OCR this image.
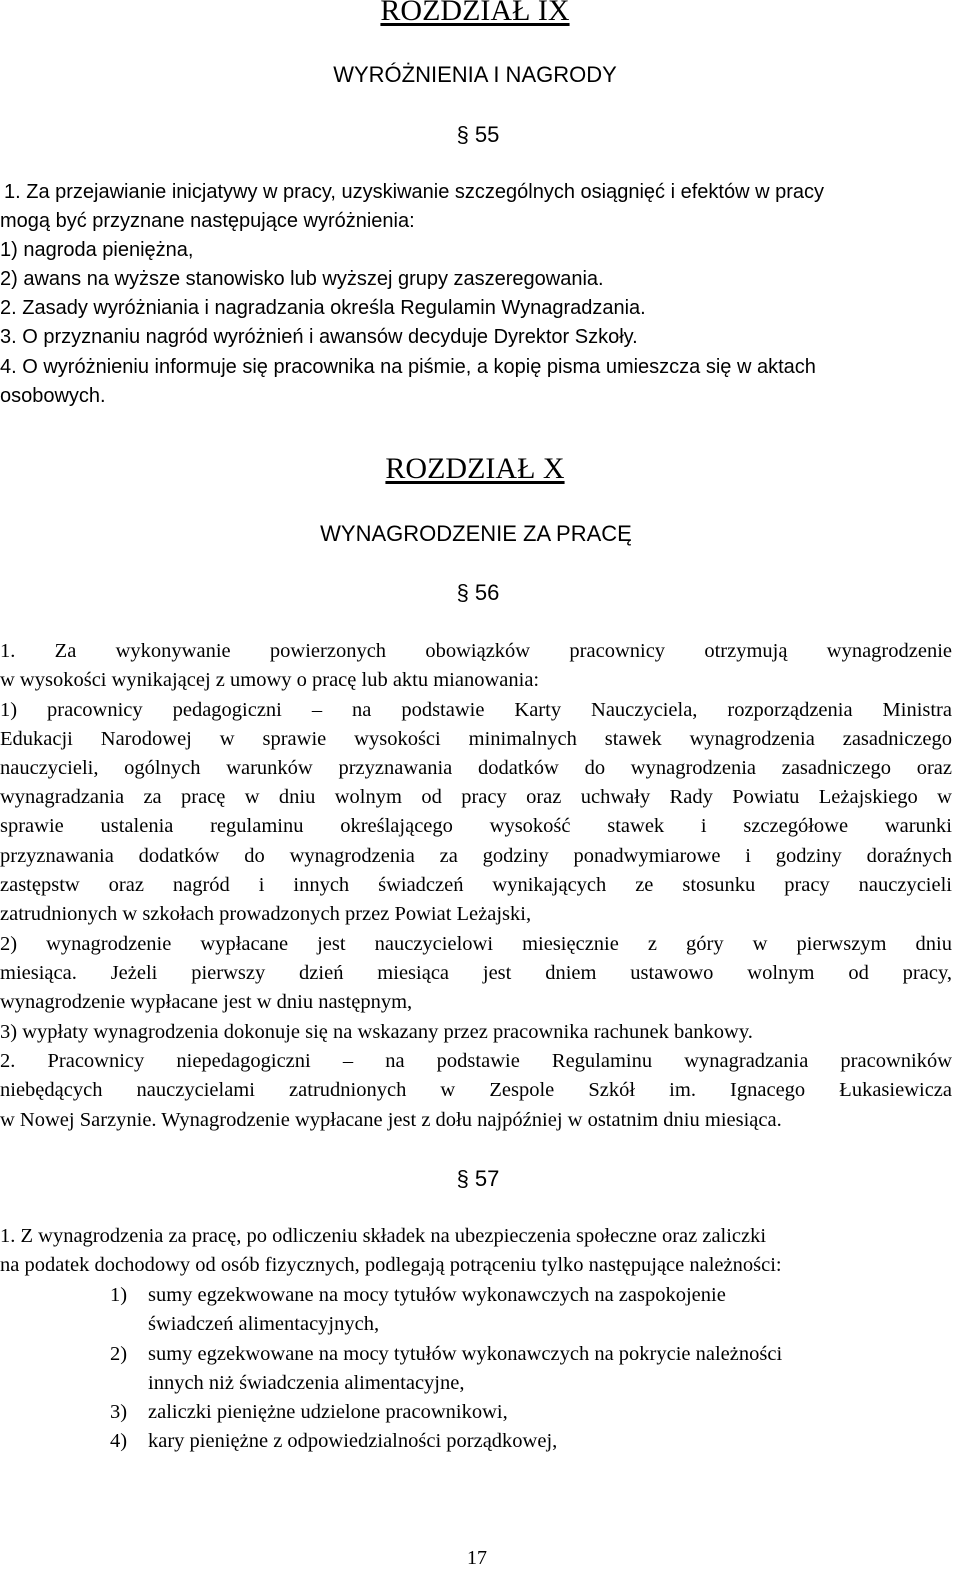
ROZDZIAŁ IX
WYRÓŻNIENIA I NAGRODY
§ 55
1. Za przejawianie inicjatywy w pracy, uzyskiwanie szczególnych osiągnięć i efektów w pracy
mogą być przyznane następujące wyróżnienia:
1) nagroda pieniężna,
2) awans na wyższe stanowisko lub wyższej grupy zaszeregowania.
2. Zasady wyróżniania i nagradzania określa Regulamin Wynagradzania.
3. O przyznaniu nagród wyróżnień i awansów decyduje Dyrektor Szkoły.
4. O wyróżnieniu informuje się pracownika na piśmie, a kopię pisma umieszcza się w aktach
osobowych.
ROZDZIAŁ X
WYNAGRODZENIE ZA PRACĘ
§ 56
1. Za wykonywanie powierzonych obowiązków pracownicy otrzymują wynagrodzenie
w wysokości wynikającej z umowy o pracę lub aktu mianowania:
1) pracownicy pedagogiczni – na podstawie Karty Nauczyciela, rozporządzenia Ministra
Edukacji Narodowej w sprawie wysokości minimalnych stawek wynagrodzenia zasadniczego
nauczycieli, ogólnych warunków przyznawania dodatków do wynagrodzenia zasadniczego oraz
wynagradzania za pracę w dniu wolnym od pracy oraz uchwały Rady Powiatu Leżajskiego w
sprawie ustalenia regulaminu określającego wysokość stawek i szczegółowe warunki
przyznawania dodatków do wynagrodzenia za godziny ponadwymiarowe i godziny doraźnych
zastępstw oraz nagród i innych świadczeń wynikających ze stosunku pracy nauczycieli
zatrudnionych w szkołach prowadzonych przez Powiat Leżajski,
2) wynagrodzenie wypłacane jest nauczycielowi miesięcznie z góry w pierwszym dniu
miesiąca. Jeżeli pierwszy dzień miesiąca jest dniem ustawowo wolnym od pracy,
wynagrodzenie wypłacane jest w dniu następnym,
3) wypłaty wynagrodzenia dokonuje się na wskazany przez pracownika rachunek bankowy.
2. Pracownicy niepedagogiczni – na podstawie Regulaminu wynagradzania pracowników
niebędących nauczycielami zatrudnionych w Zespole Szkół im. Ignacego Łukasiewicza
w Nowej Sarzynie. Wynagrodzenie wypłacane jest z dołu najpóźniej w ostatnim dniu miesiąca.
§ 57
1. Z wynagrodzenia za pracę, po odliczeniu składek na ubezpieczenia społeczne oraz zaliczki
na podatek dochodowy od osób fizycznych, podlegają potrąceniu tylko następujące należności:
1) sumy egzekwowane na mocy tytułów wykonawczych na zaspokojenie
świadczeń alimentacyjnych,
2) sumy egzekwowane na mocy tytułów wykonawczych na pokrycie należności
innych niż świadczenia alimentacyjne,
3) zaliczki pieniężne udzielone pracownikowi,
4) kary pieniężne z odpowiedzialności porządkowej,
17
